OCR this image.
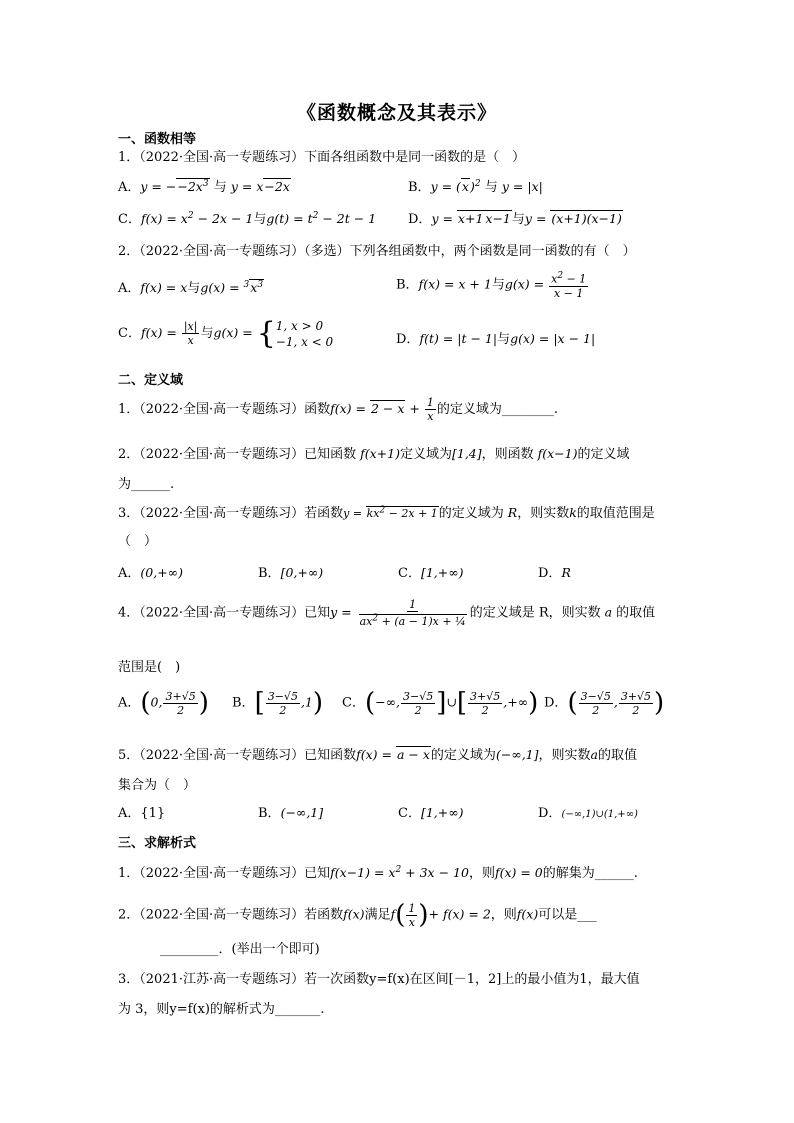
《函数概念及其表示》
一、函数相等
1．（2022·全国·高一专题练习）下面各组函数中是同一函数的是（　）
A．$y = --2x^3$ 与 y = x−2x	B．$y = (x)^2$ 与 y = |x|
C．$f(x) = x^2 - 2x - 1$与$g(t) = t^2 - 2t - 1$ D．y = x+1 x−1与y = (x+1)(x−1)
2．（2022·全国·高一专题练习）（多选）下列各组函数中，两个函数是同一函数的有（　）
A．f(x) = x与$g(x) = ^3x^3$	B．f(x) = x + 1与$g(x) = \frac{x^2 - 1}{x - 1}$
C．$f(x) = \frac{|x|}{x}$ 与g(x) = { 1, x > 0
−1, x < 0	D．f(t) = |t − 1|与g(x) = |x − 1|
二、定义域
1．（2022·全国·高一专题练习）函数$f(x) = 2 - x + \frac{1}{x}$ 的定义域为________.
2．（2022·全国·高一专题练习）已知函数 f(x+1)定义域为[1,4]，则函数 f(x−1)的定义域
为______.
3．（2022·全国·高一专题练习）若函数$y = kx^2 - 2x + 1$的定义域为 R，则实数k的取值范围是
（　）
A．(0,+∞)	B．[0,+∞)	C．[1,+∞)	D．R
4．（2022·全国·高一专题练习）已知$y = \frac{1}{ax^2 + (a - 1)x + \frac{1}{4}}$ 的定义域是 R，则实数 a 的取值
范围是(　)
A．(0, $\frac{3+√5}{2}$ ) B．[ $\frac{3-√5}{2} ,1$) C．(−∞, $\frac{3-√5}{2}$ ]∪[ $\frac{3+√5}{2}$ ,+∞) D．( $\frac{3-√5}{2}$ , $\frac{3+√5}{2}$ )
5．（2022·全国·高一专题练习）已知函数f(x) = a − x的定义域为(−∞,1]，则实数a的取值
集合为（　）
A．{1}	B．(−∞,1]	C．[1,+∞)	D．(−∞,1)∪(1,+∞)
三、求解析式
1．（2022·全国·高一专题练习）已知$f(x-1) = x^2 + 3x - 10$，则f(x) = 0的解集为______.
2．（2022·全国·高一专题练习）若函数f(x)满足$f( \frac{1}{x}$ )+ f(x) = 2，则f(x)可以是___
_________．(举出一个即可)
3．（2021·江苏·高一专题练习）若一次函数y=f(x)在区间[－1，2]上的最小值为1，最大值
为 3，则y=f(x)的解析式为_______.
